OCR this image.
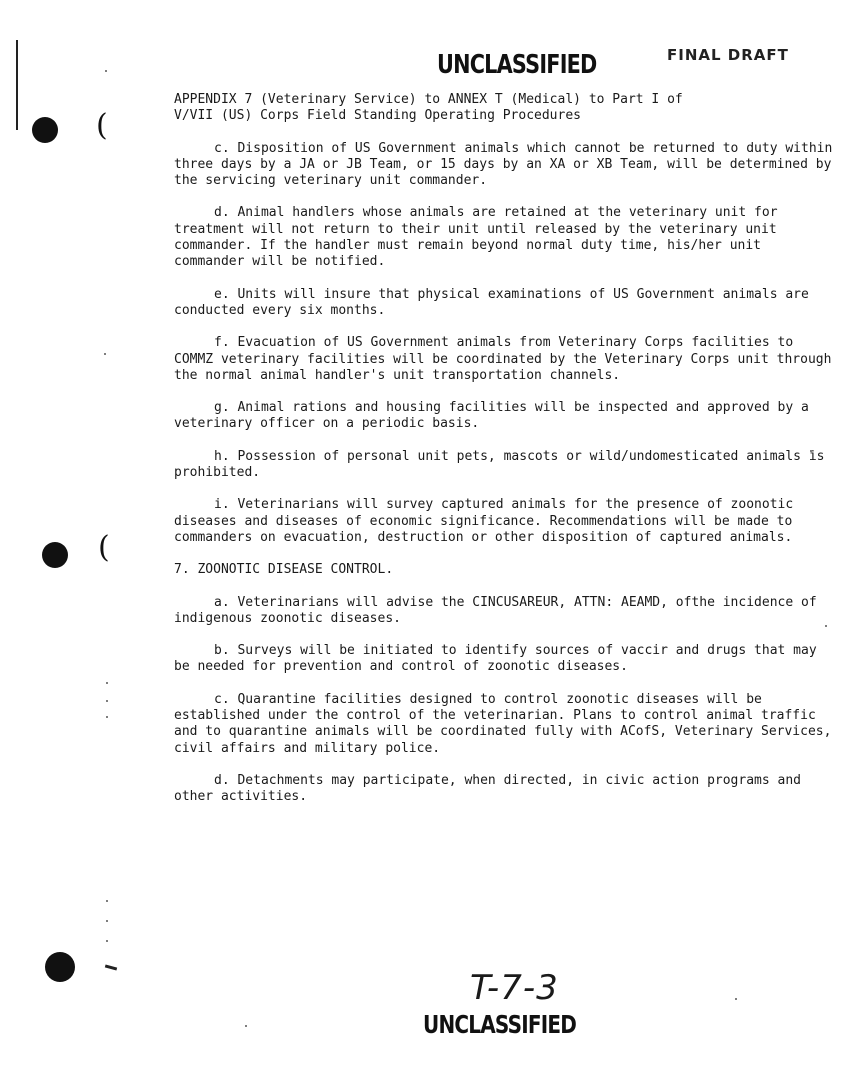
(
(
UNCLASSIFIED	FINAL DRAFT
APPENDIX 7 (Veterinary Service) to ANNEX T (Medical) to Part I of
V/VII (US) Corps Field Standing Operating Procedures

c. Disposition of US Government animals which cannot be returned to duty within three days by a JA or JB Team, or 15 days by an XA or XB Team, will be determined by the servicing veterinary unit commander.

d. Animal handlers whose animals are retained at the veterinary unit for treatment will not return to their unit until released by the veterinary unit commander. If the handler must remain beyond normal duty time, his/her unit commander will be notified.

e. Units will insure that physical examinations of US Government animals are conducted every six months.

f. Evacuation of US Government animals from Veterinary Corps facilities to COMMZ veterinary facilities will be coordinated by the Veterinary Corps unit through the normal animal handler's unit transportation channels.

g. Animal rations and housing facilities will be inspected and approved by a veterinary officer on a periodic basis.

h. Possession of personal unit pets, mascots or wild/undomesticated animals is prohibited.

i. Veterinarians will survey captured animals for the presence of zoonotic diseases and diseases of economic significance. Recommendations will be made to commanders on evacuation, destruction or other disposition of captured animals.

7. ZOONOTIC DISEASE CONTROL.

a. Veterinarians will advise the CINCUSAREUR, ATTN: AEAMD, ofthe incidence of indigenous zoonotic diseases.

b. Surveys will be initiated to identify sources of vaccir and drugs that may be needed for prevention and control of zoonotic diseases.

c. Quarantine facilities designed to control zoonotic diseases will be established under the control of the veterinarian. Plans to control animal traffic and to quarantine animals will be coordinated fully with ACofS, Veterinary Services, civil affairs and military police.

d. Detachments may participate, when directed, in civic action programs and other activities.

T-7-3
UNCLASSIFIED
